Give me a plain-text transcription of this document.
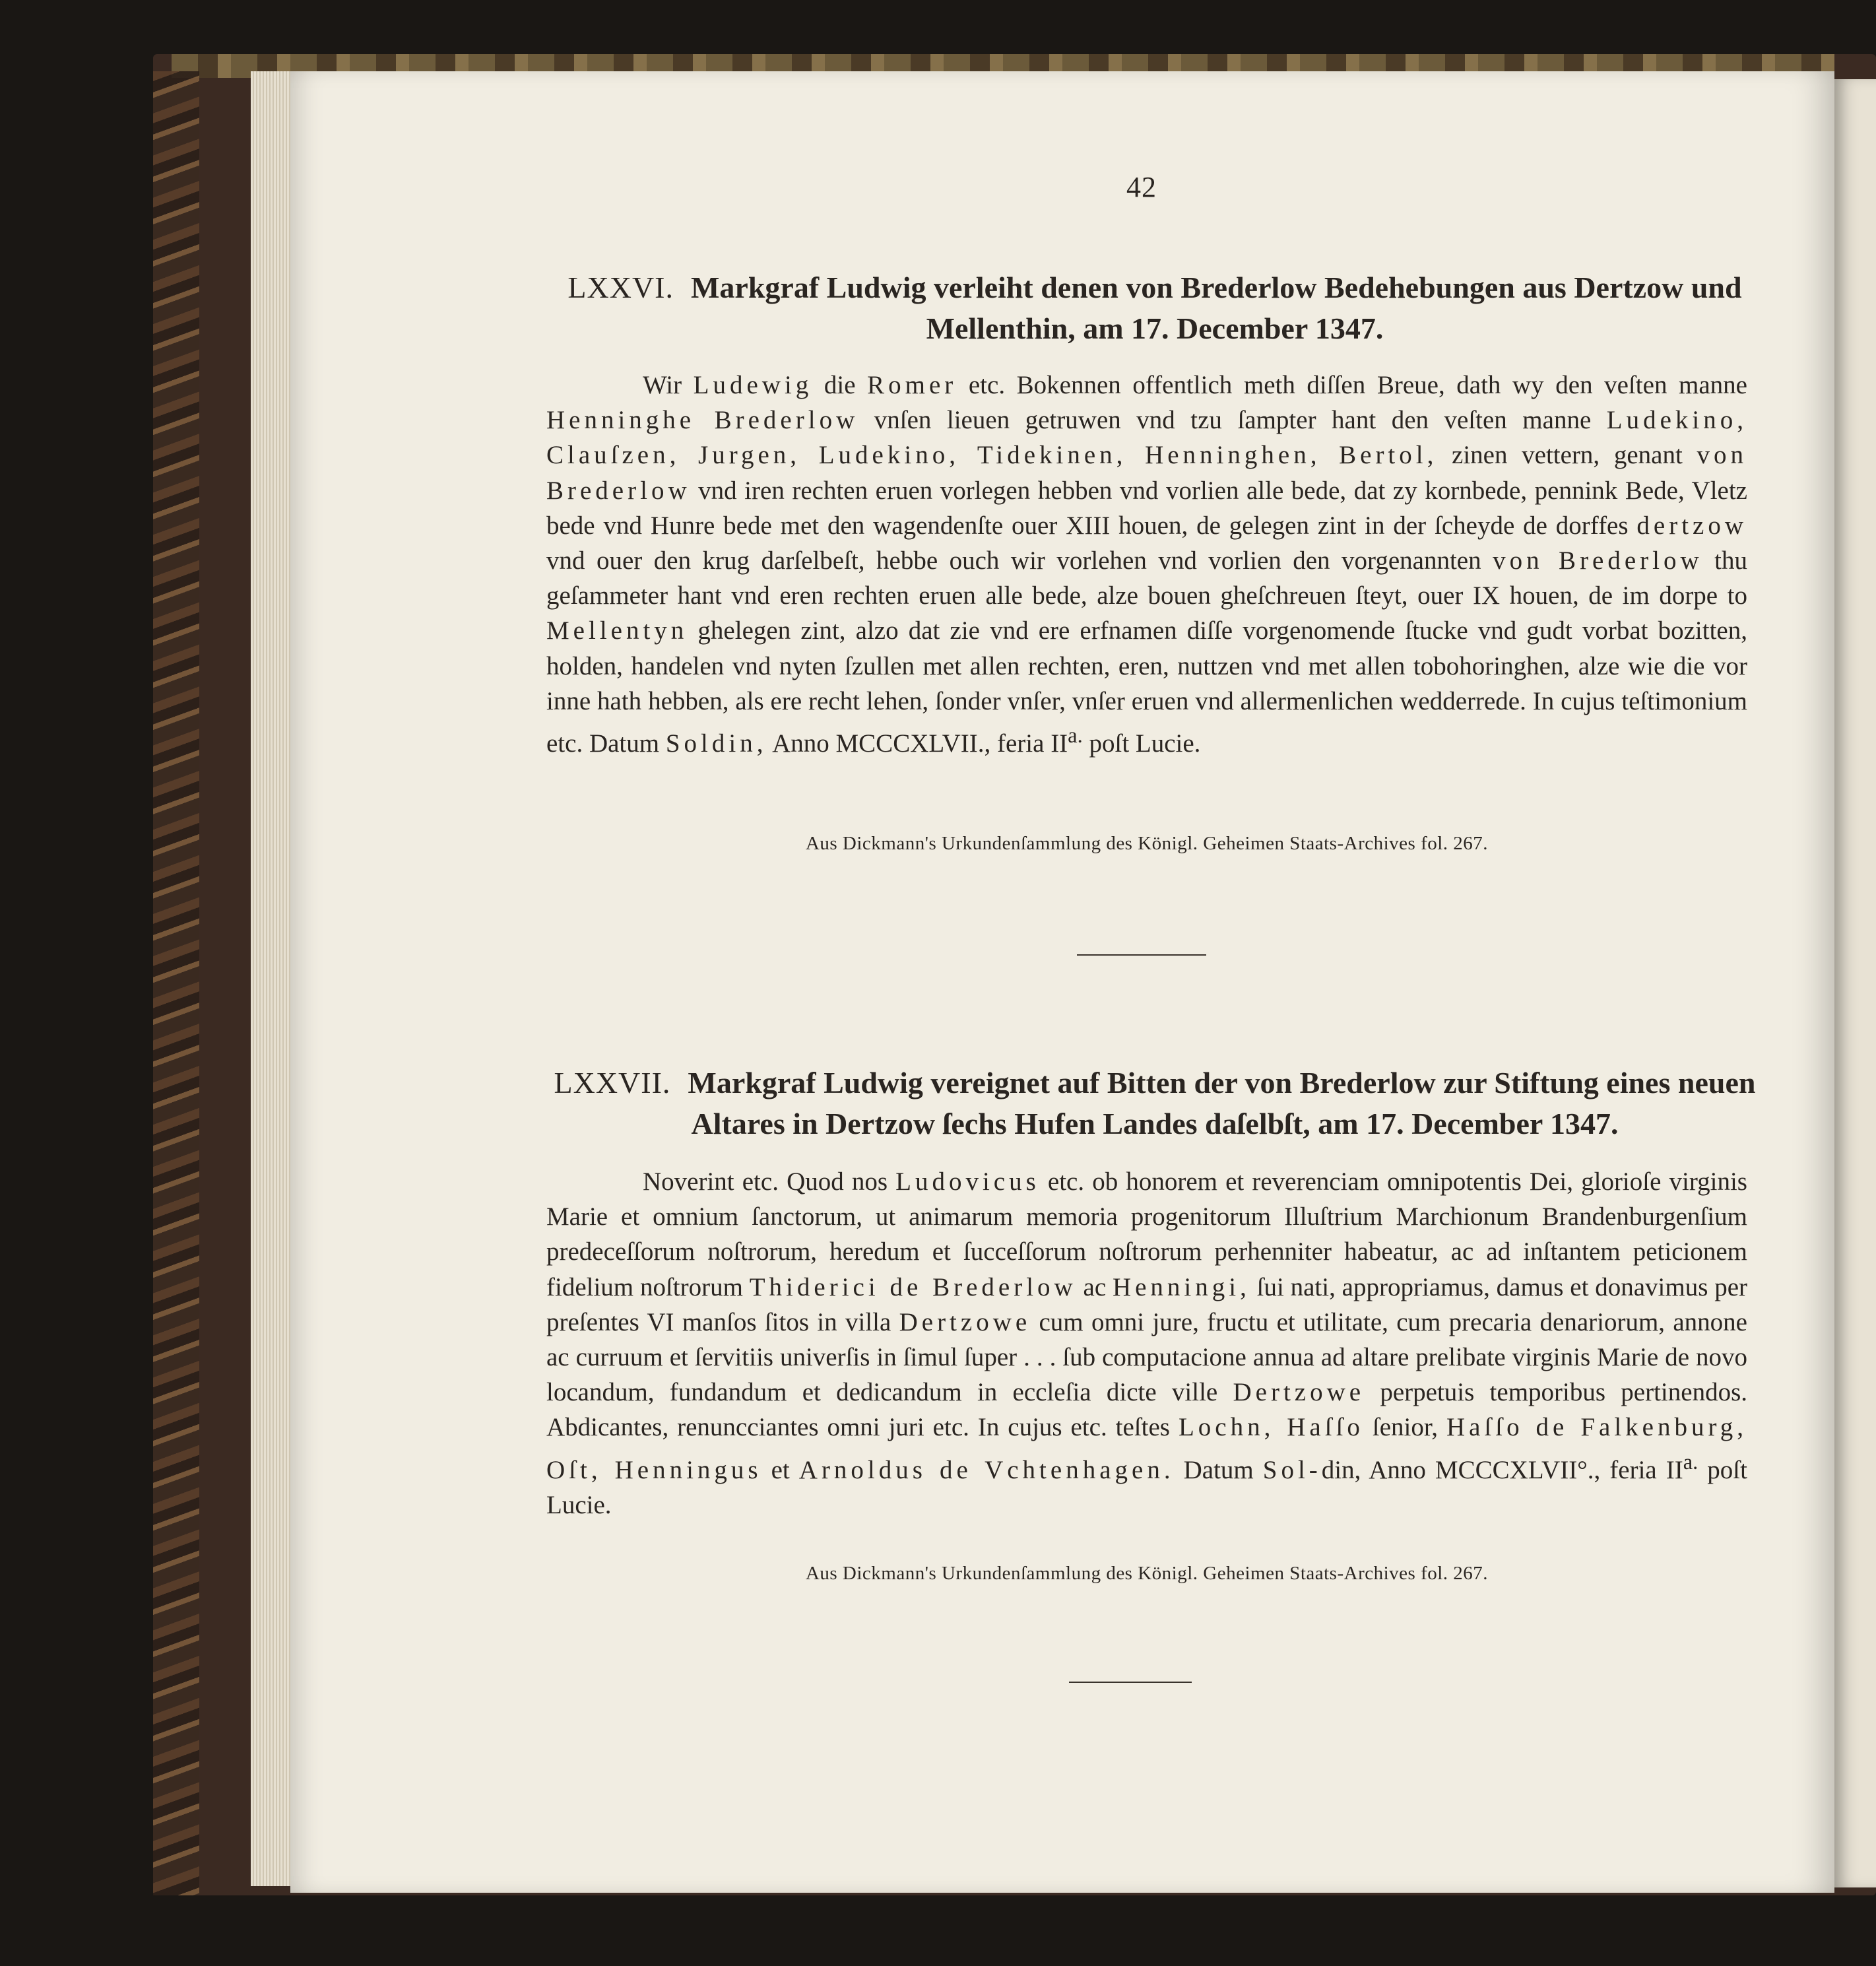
42
LXXVI. Markgraf Ludwig verleiht denen von Brederlow Bedehebungen aus Dertzow und
Mellenthin, am 17. December 1347.

Wir Ludewig die Romer etc. Bokennen offentlich meth diſſen Breue, dath wy den veſten manne Henninghe Brederlow vnſen lieuen getruwen vnd tzu ſampter hant den veſten manne Ludekino, Clauſzen, Jurgen, Ludekino, Tidekinen, Henninghen, Bertol, zinen vettern, genant von Brederlow vnd iren rechten eruen vorlegen hebben vnd vorlien alle bede, dat zy kornbede, pennink Bede, Vletz bede vnd Hunre bede met den wagendenſte ouer XIII houen, de gelegen zint in der ſcheyde de dorffes dertzow vnd ouer den krug darſelbeſt, hebbe ouch wir vorlehen vnd vorlien den vorgenannten von Brederlow thu geſammeter hant vnd eren rechten eruen alle bede, alze bouen gheſchreuen ſteyt, ouer IX houen, de im dorpe to Mellentyn ghelegen zint, alzo dat zie vnd ere erfnamen diſſe vorgenomende ſtucke vnd gudt vorbat bozitten, holden, handelen vnd nyten ſzullen met allen rechten, eren, nuttzen vnd met allen tobohoringhen, alze wie die vor inne hath hebben, als ere recht lehen, ſonder vnſer, vnſer eruen vnd allermenlichen wedderrede. In cujus teſtimonium etc. Datum Soldin, Anno MCCCXLVII., feria $II^{a.}$ poſt Lucie.

Aus Dickmann's Urkundenſammlung des Königl. Geheimen Staats-Archives fol. 267.
LXXVII. Markgraf Ludwig vereignet auf Bitten der von Brederlow zur Stiftung eines neuen
Altares in Dertzow ſechs Hufen Landes daſelbſt, am 17. December 1347.

Noverint etc. Quod nos Ludovicus etc. ob honorem et reverenciam omnipotentis Dei, glorioſe virginis Marie et omnium ſanctorum, ut animarum memoria progenitorum Illuſtrium Marchionum Brandenburgenſium predeceſſorum noſtrorum, heredum et ſucceſſorum noſtrorum perhenniter habeatur, ac ad inſtantem peticionem fidelium noſtrorum Thiderici de Brederlow ac Henningi, ſui nati, appropriamus, damus et donavimus per preſentes VI manſos ſitos in villa Dertzowe cum omni jure, fructu et utilitate, cum precaria denariorum, annone ac curruum et ſervitiis univerſis in ſimul ſuper . . . ſub computacione annua ad altare prelibate virginis Marie de novo locandum, fundandum et dedicandum in eccleſia dicte ville Dertzowe perpetuis temporibus pertinendos. Abdicantes, renuncciantes omni juri etc. In cujus etc. teſtes Lochn, Haſſo ſenior, Haſſo de Falkenburg, Oſt, Henningus et Arnoldus de Vchtenhagen. Datum Sol-din, Anno MCCCXLVII°., feria $II^{a.}$ poſt Lucie.

Aus Dickmann's Urkundenſammlung des Königl. Geheimen Staats-Archives fol. 267.
